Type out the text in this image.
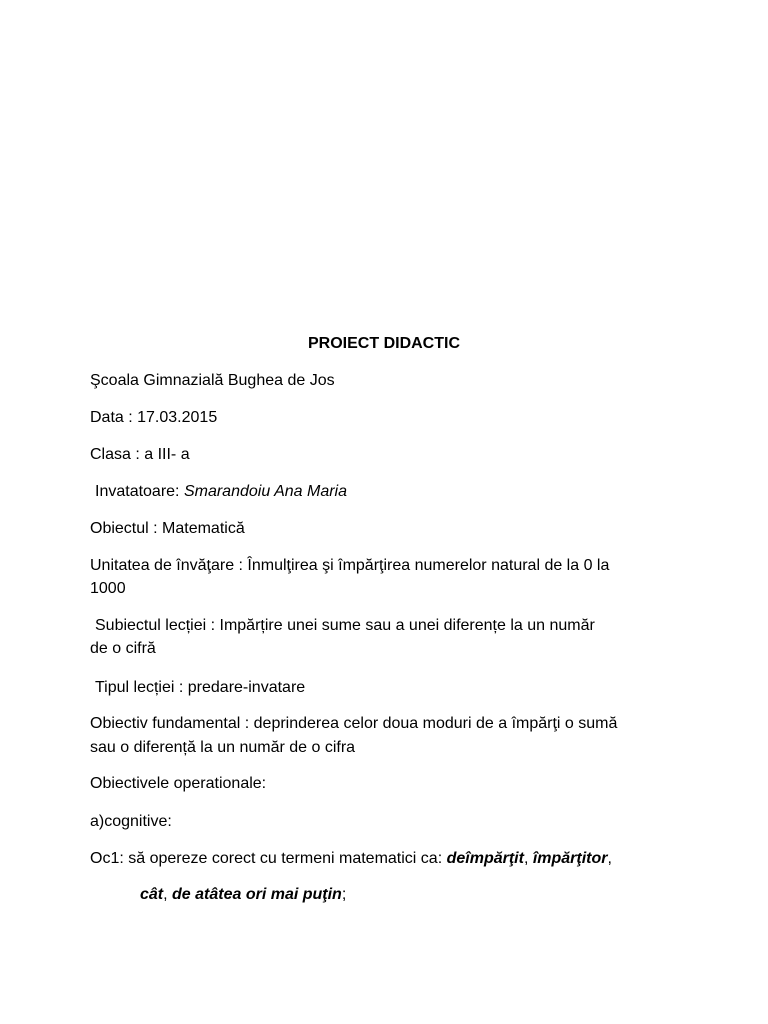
PROIECT DIDACTIC
Şcoala Gimnazială Bughea de Jos
Data : 17.03.2015
Clasa : a III- a
Invatatoare: Smarandoiu Ana Maria
Obiectul : Matematică
Unitatea de învăţare : Înmulţirea şi împărţirea numerelor natural de la 0 la
1000
Subiectul lecției : Impărțire unei sume sau a unei diferențe la un număr
de o cifră
Tipul lecției : predare-invatare
Obiectiv fundamental : deprinderea celor doua moduri de a împărţi o sumă
sau o diferență la un număr de o cifra
Obiectivele operationale:
a)cognitive:
Oc1: să opereze corect cu termeni matematici ca: deîmpărţit, împărţitor,
cât, de atâtea ori mai puţin;
